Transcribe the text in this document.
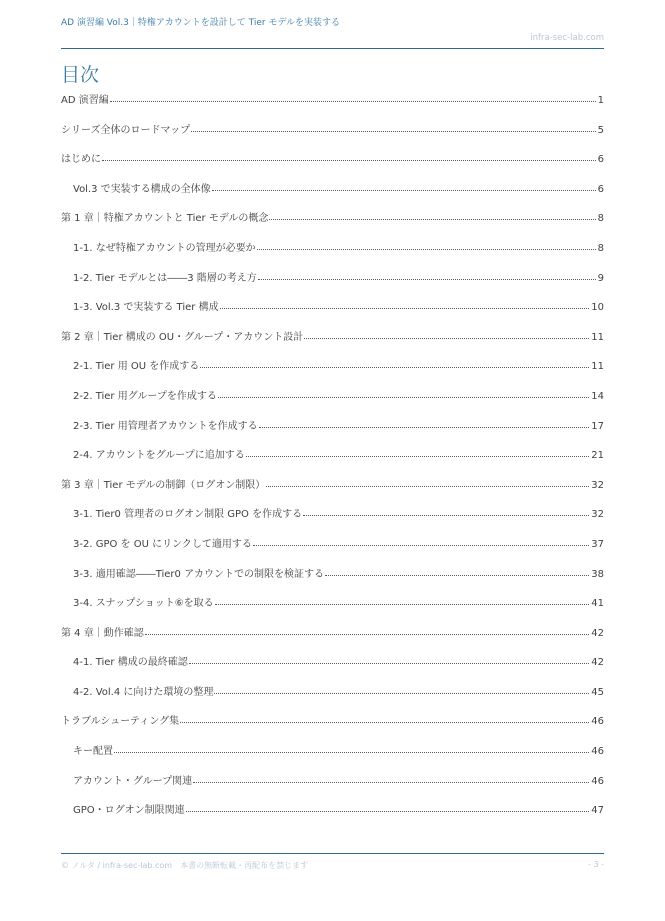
AD 演習編 Vol.3｜特権アカウントを設計して Tier モデルを実装する
infra-sec-lab.com
目次
AD 演習編	1
シリーズ全体のロードマップ	5
はじめに	6
Vol.3 で実装する構成の全体像	6
第 1 章｜特権アカウントと Tier モデルの概念	8
1-1. なぜ特権アカウントの管理が必要か	8
1-2. Tier モデルとは――3 階層の考え方	9
1-3. Vol.3 で実装する Tier 構成	10
第 2 章｜Tier 構成の OU・グループ・アカウント設計	11
2-1. Tier 用 OU を作成する	11
2-2. Tier 用グループを作成する	14
2-3. Tier 用管理者アカウントを作成する	17
2-4. アカウントをグループに追加する	21
第 3 章｜Tier モデルの制御（ログオン制限）	32
3-1. Tier0 管理者のログオン制限 GPO を作成する	32
3-2. GPO を OU にリンクして適用する	37
3-3. 適用確認――Tier0 アカウントでの制限を検証する	38
3-4. スナップショット⑥を取る	41
第 4 章｜動作確認	42
4-1. Tier 構成の最終確認	42
4-2. Vol.4 に向けた環境の整理	45
トラブルシューティング集	46
キー配置	46
アカウント・グループ関連	46
GPO・ログオン制限関連	47
© ノルタ / infra-sec-lab.com　本書の無断転載・再配布を禁じます	- 3 -
